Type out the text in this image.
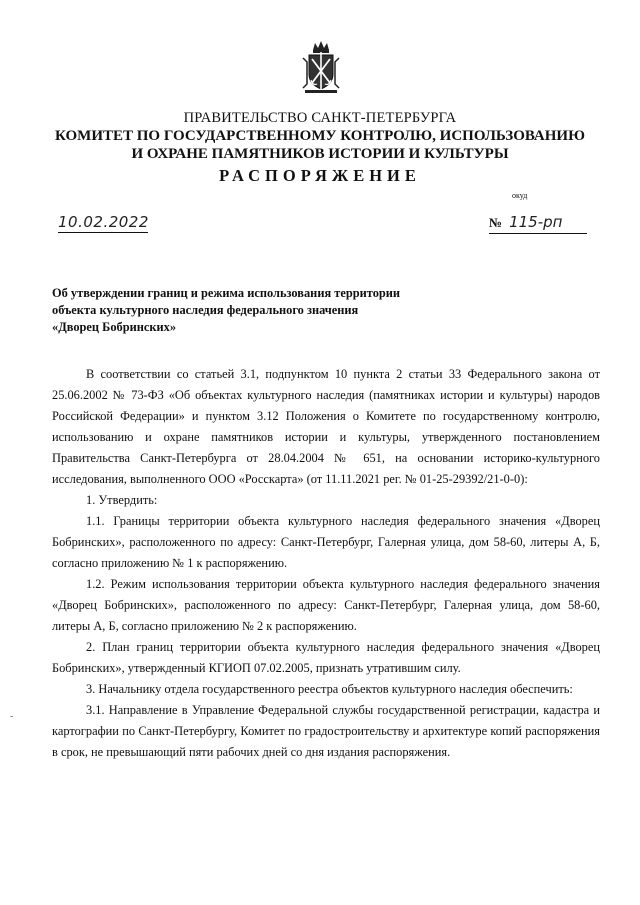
ПРАВИТЕЛЬСТВО САНКТ-ПЕТЕРБУРГА
КОМИТЕТ ПО ГОСУДАРСТВЕННОМУ КОНТРОЛЮ, ИСПОЛЬЗОВАНИЮ
И ОХРАНЕ ПАМЯТНИКОВ ИСТОРИИ И КУЛЬТУРЫ
РАСПОРЯЖЕНИЕ
окуд
10.02.2022	№ 115-рп
Об утверждении границ и режима использования территории
объекта культурного наследия федерального значения
«Дворец Бобринских»

В соответствии со статьей 3.1, подпунктом 10 пункта 2 статьи 33 Федерального закона от 25.06.2002 № 73-ФЗ «Об объектах культурного наследия (памятниках истории и культуры) народов Российской Федерации» и пунктом 3.12 Положения о Комитете по государственному контролю, использованию и охране памятников истории и культуры, утвержденного постановлением Правительства Санкт-Петербурга от 28.04.2004 № 651, на основании историко-культурного исследования, выполненного ООО «Росскарта» (от 11.11.2021 рег. № 01-25-29392/21-0-0):

1. Утвердить:

1.1. Границы территории объекта культурного наследия федерального значения «Дворец Бобринских», расположенного по адресу: Санкт-Петербург, Галерная улица, дом 58-60, литеры А, Б, согласно приложению № 1 к распоряжению.

1.2. Режим использования территории объекта культурного наследия федерального значения «Дворец Бобринских», расположенного по адресу: Санкт-Петербург, Галерная улица, дом 58-60, литеры А, Б, согласно приложению № 2 к распоряжению.

2. План границ территории объекта культурного наследия федерального значения «Дворец Бобринских», утвержденный КГИОП 07.02.2005, признать утратившим силу.

3. Начальнику отдела государственного реестра объектов культурного наследия обеспечить:

3.1. Направление в Управление Федеральной службы государственной регистрации, кадастра и картографии по Санкт-Петербургу, Комитет по градостроительству и архитектуре копий распоряжения в срок, не превышающий пяти рабочих дней со дня издания распоряжения.

-
